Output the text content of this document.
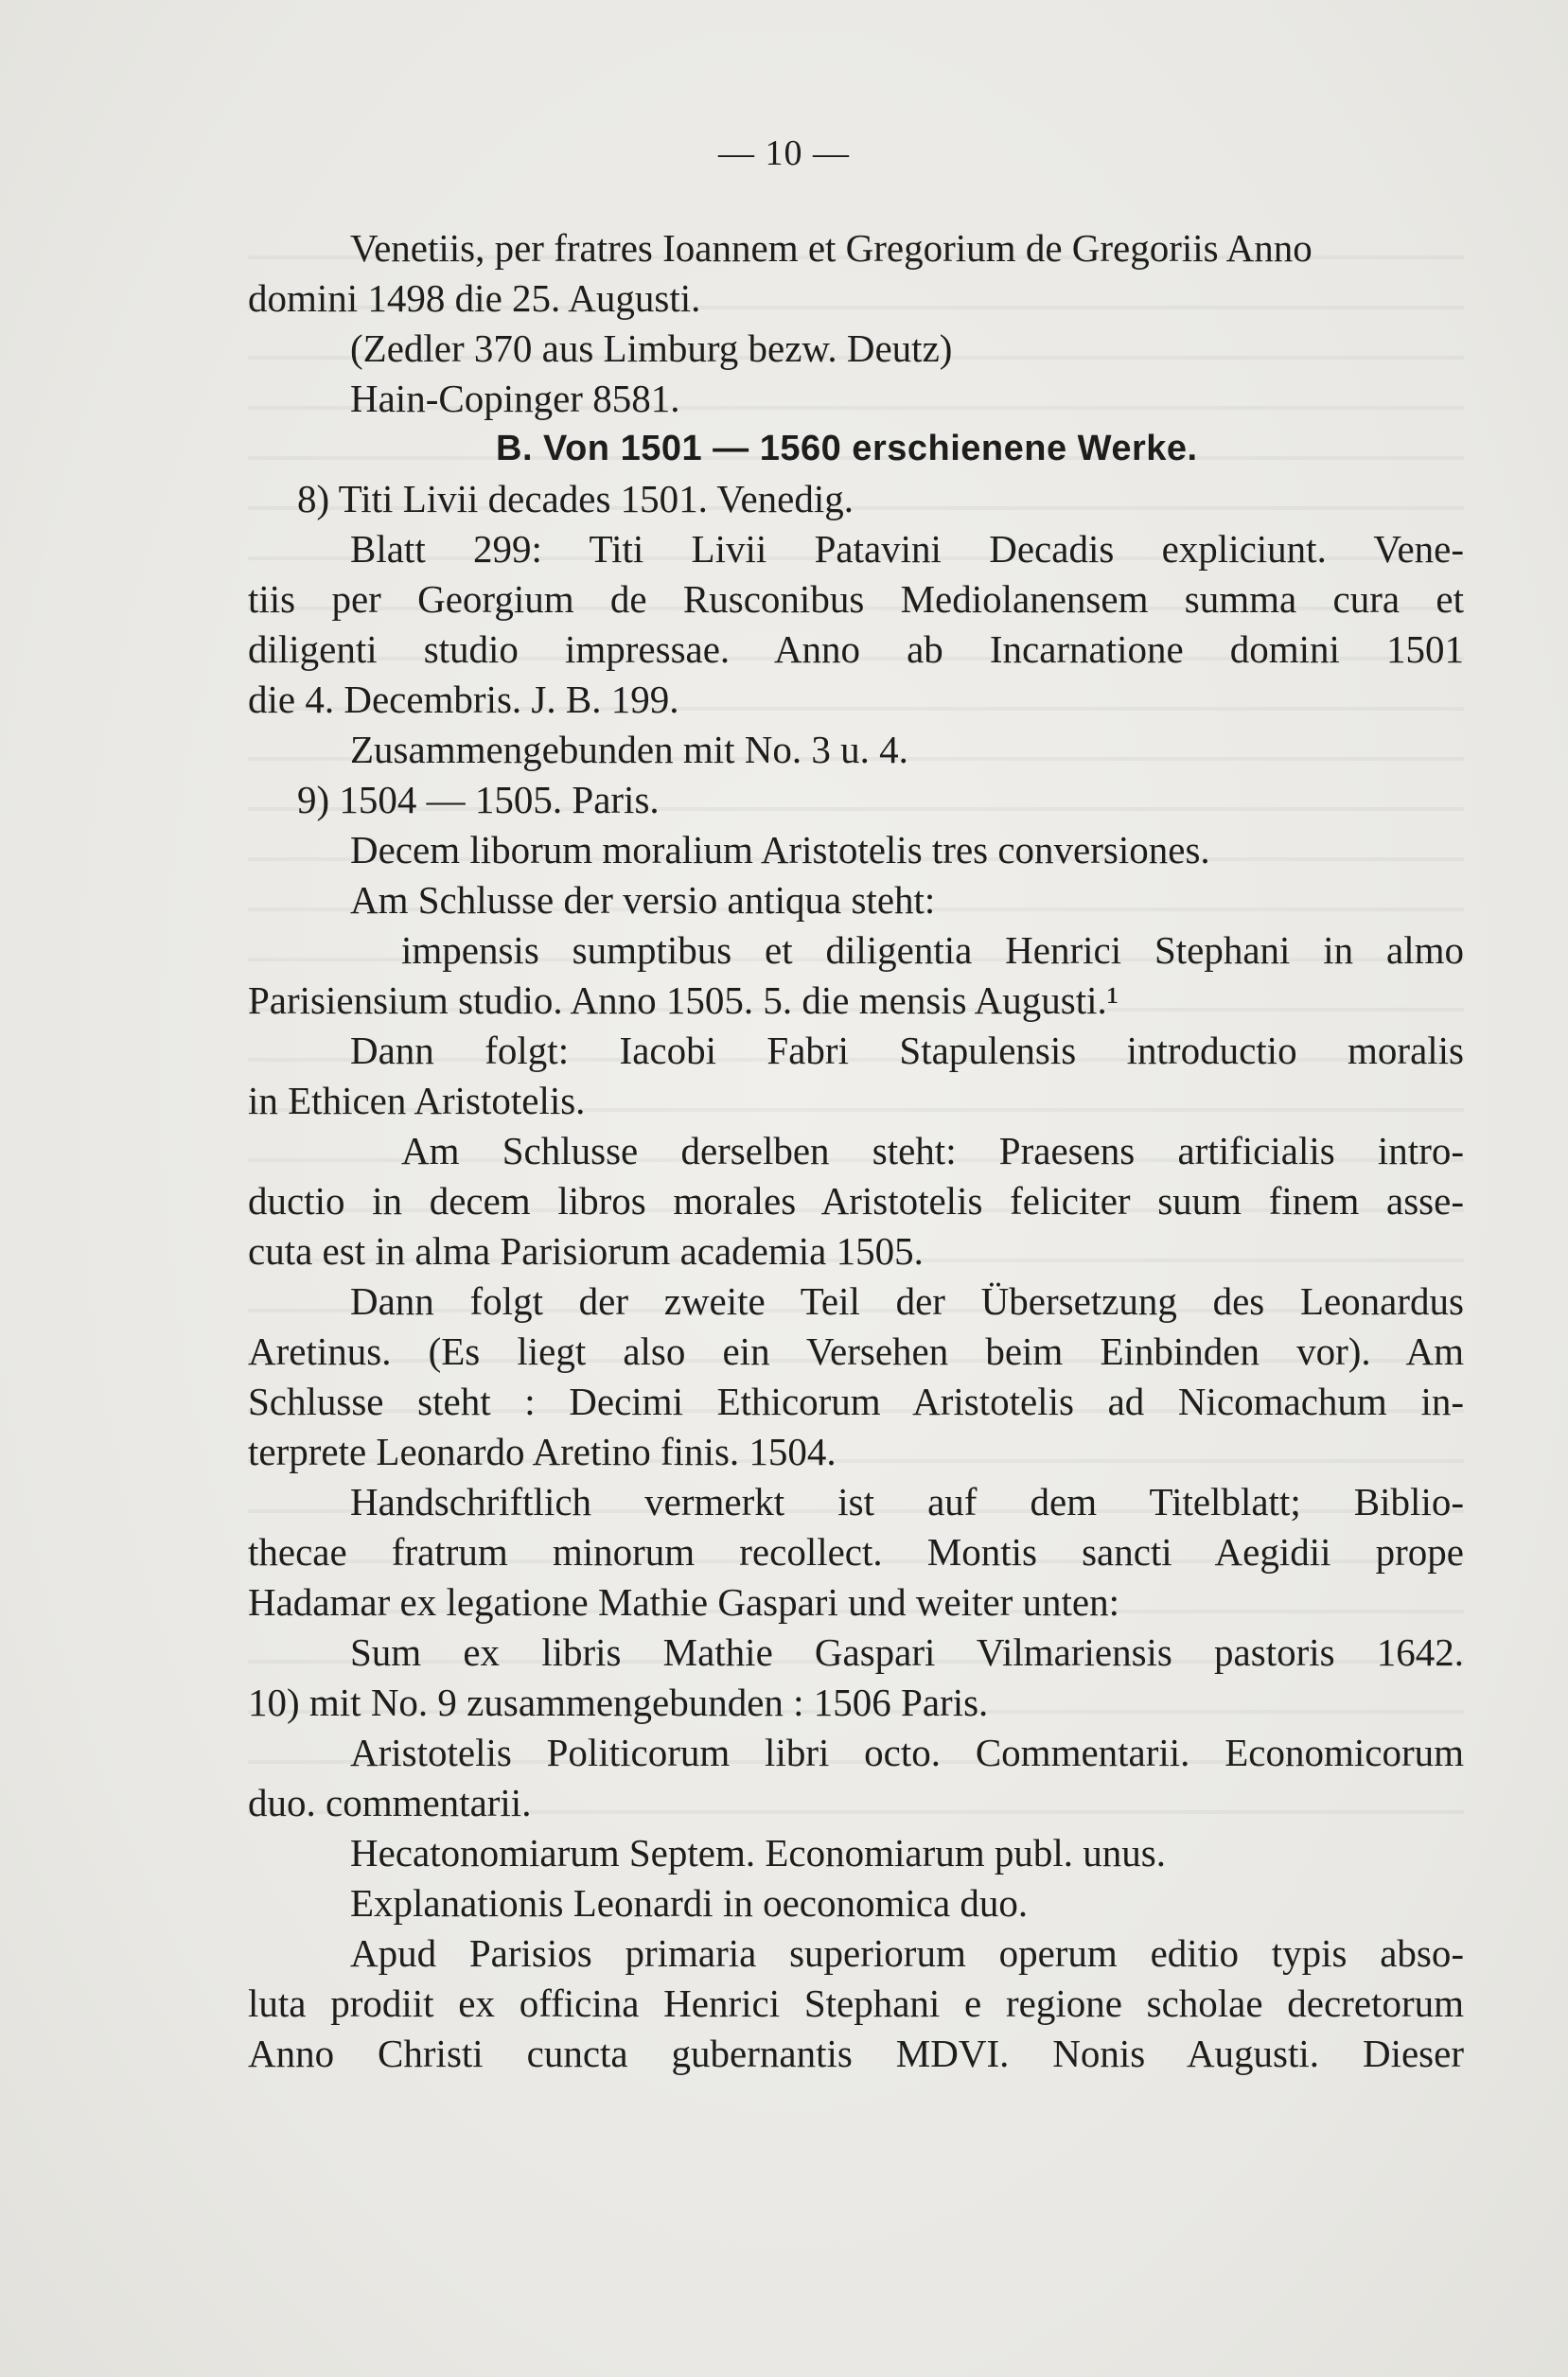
— 10 —
Venetiis, per fratres Ioannem et Gregorium de Gregoriis Anno
domini 1498 die 25. Augusti.
(Zedler 370 aus Limburg bezw. Deutz)
Hain-Copinger 8581.
B. Von 1501 — 1560 erschienene Werke.
8) Titi Livii decades 1501. Venedig.
Blatt 299: Titi Livii Patavini Decadis expliciunt. Vene-
tiis per Georgium de Rusconibus Mediolanensem summa cura et
diligenti studio impressae. Anno ab Incarnatione domini 1501
die 4. Decembris. J. B. 199.
Zusammengebunden mit No. 3 u. 4.
9) 1504 — 1505. Paris.
Decem liborum moralium Aristotelis tres conversiones.
Am Schlusse der versio antiqua steht:
impensis sumptibus et diligentia Henrici Stephani in almo
Parisiensium studio. Anno 1505. 5. die mensis Augusti.¹
Dann folgt: Iacobi Fabri Stapulensis introductio moralis
in Ethicen Aristotelis.
Am Schlusse derselben steht: Praesens artificialis intro-
ductio in decem libros morales Aristotelis feliciter suum finem asse-
cuta est in alma Parisiorum academia 1505.
Dann folgt der zweite Teil der Übersetzung des Leonardus
Aretinus. (Es liegt also ein Versehen beim Einbinden vor). Am
Schlusse steht : Decimi Ethicorum Aristotelis ad Nicomachum in-
terprete Leonardo Aretino finis. 1504.
Handschriftlich vermerkt ist auf dem Titelblatt; Biblio-
thecae fratrum minorum recollect. Montis sancti Aegidii prope
Hadamar ex legatione Mathie Gaspari und weiter unten:
Sum ex libris Mathie Gaspari Vilmariensis pastoris 1642.
10) mit No. 9 zusammengebunden : 1506 Paris.
Aristotelis Politicorum libri octo. Commentarii. Economicorum
duo. commentarii.
Hecatonomiarum Septem. Economiarum publ. unus.
Explanationis Leonardi in oeconomica duo.
Apud Parisios primaria superiorum operum editio typis abso-
luta prodiit ex officina Henrici Stephani e regione scholae decretorum
Anno Christi cuncta gubernantis MDVI. Nonis Augusti. Dieser
